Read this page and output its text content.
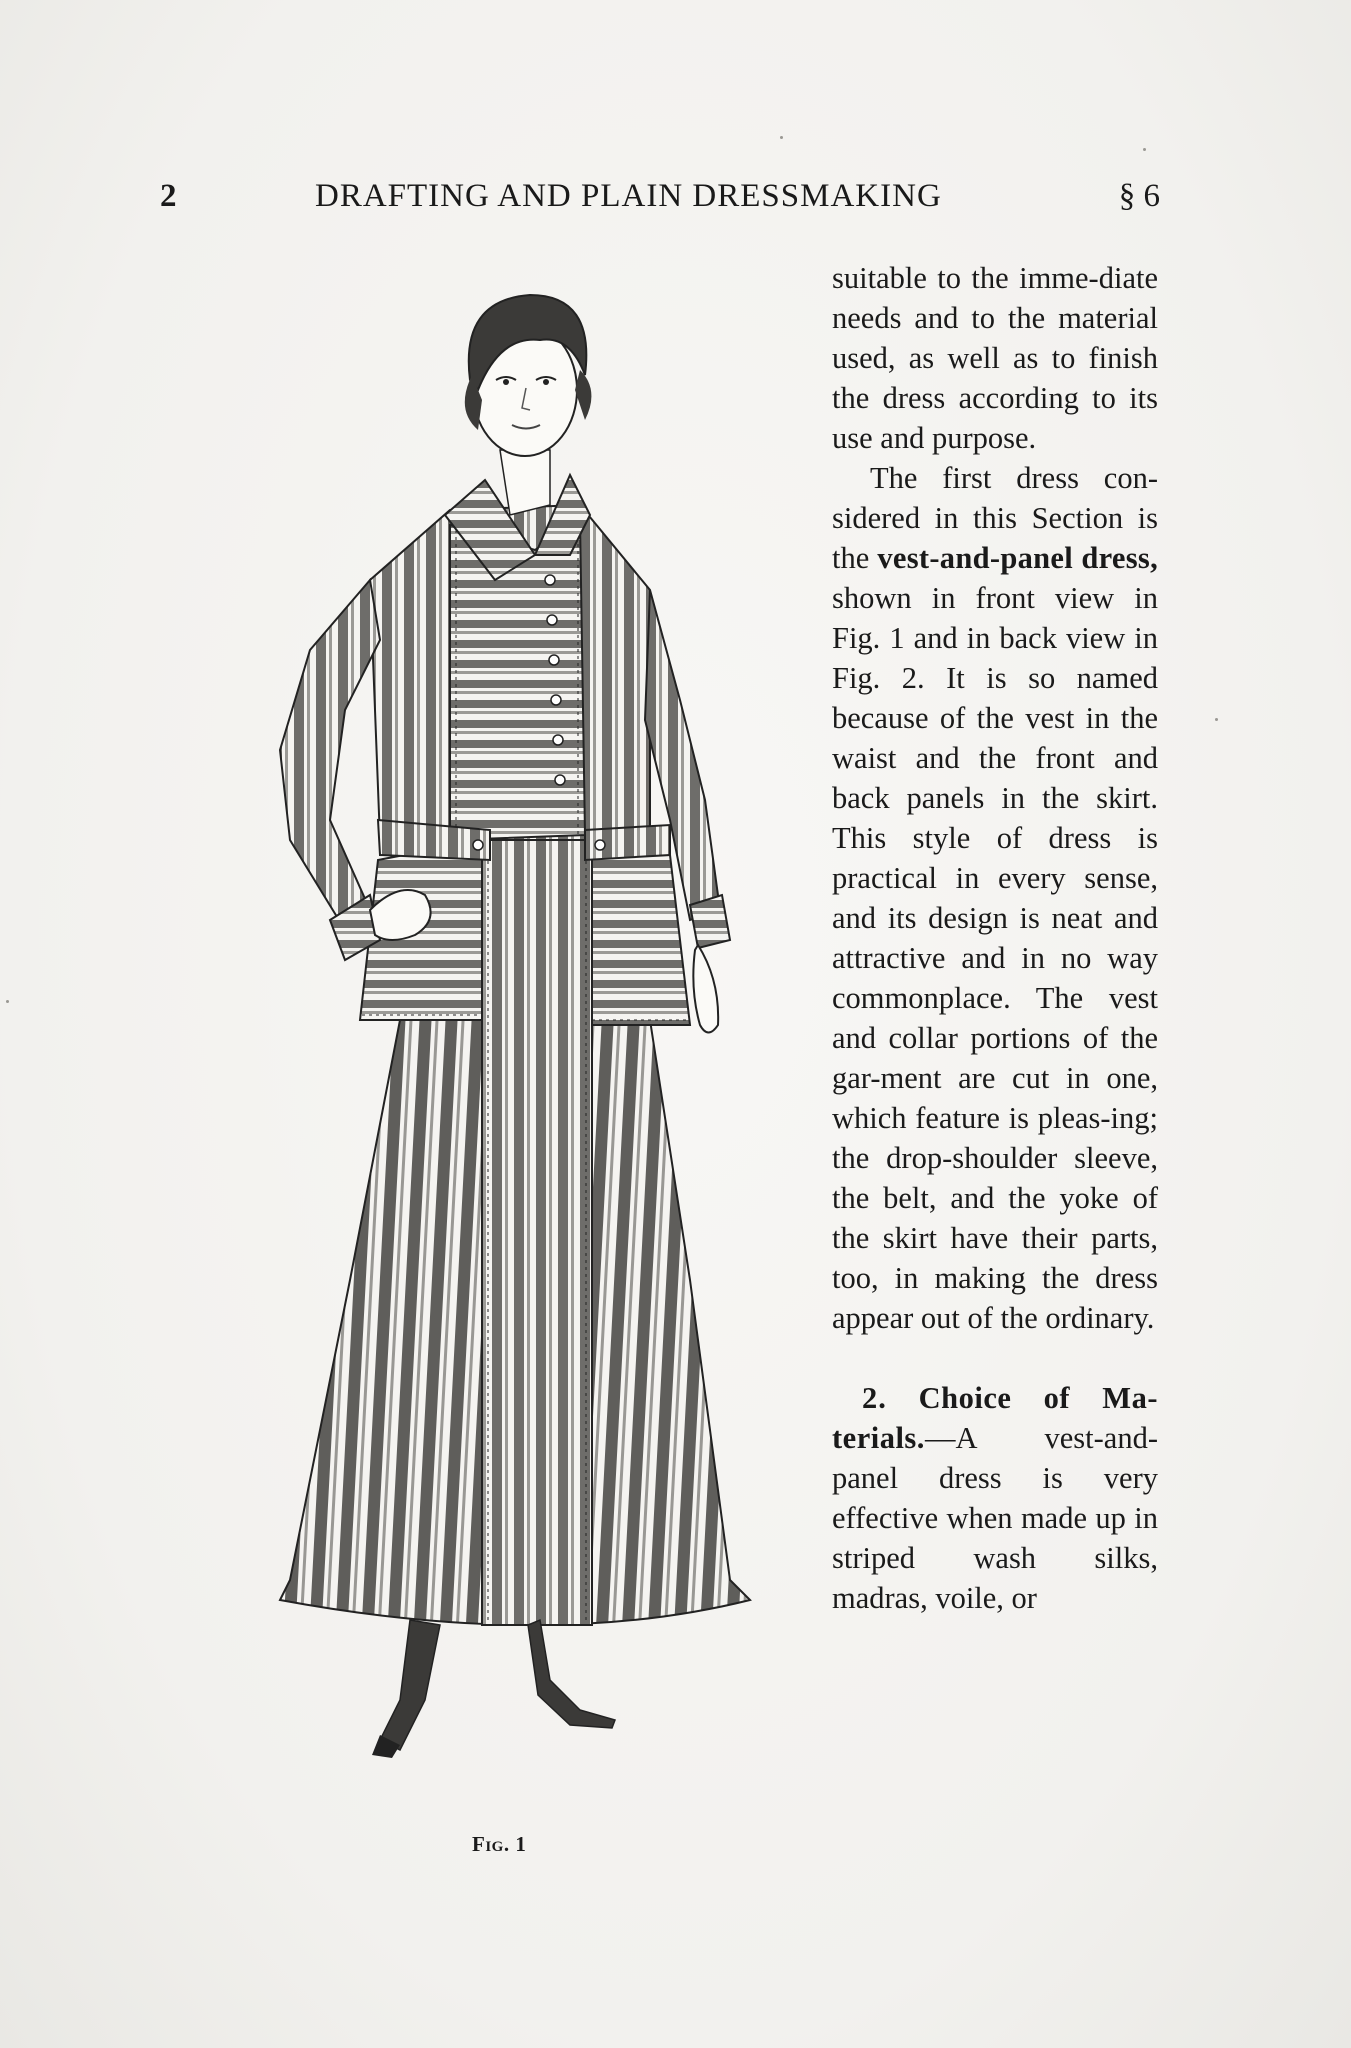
2	DRAFTING AND PLAIN DRESSMAKING	§ 6
Fig. 1

suitable to the imme-diate needs and to the material used, as well as to finish the dress according to its use and purpose.

The first dress con-sidered in this Section is the vest-and-panel dress, shown in front view in Fig. 1 and in back view in Fig. 2. It is so named because of the vest in the waist and the front and back panels in the skirt. This style of dress is practical in every sense, and its design is neat and attractive and in no way commonplace. The vest and collar portions of the gar-ment are cut in one, which feature is pleas-ing; the drop-shoulder sleeve, the belt, and the yoke of the skirt have their parts, too, in making the dress appear out of the ordinary.

2. Choice of Ma-terials.—A vest-and-panel dress is very effective when made up in striped wash silks, madras, voile, or
